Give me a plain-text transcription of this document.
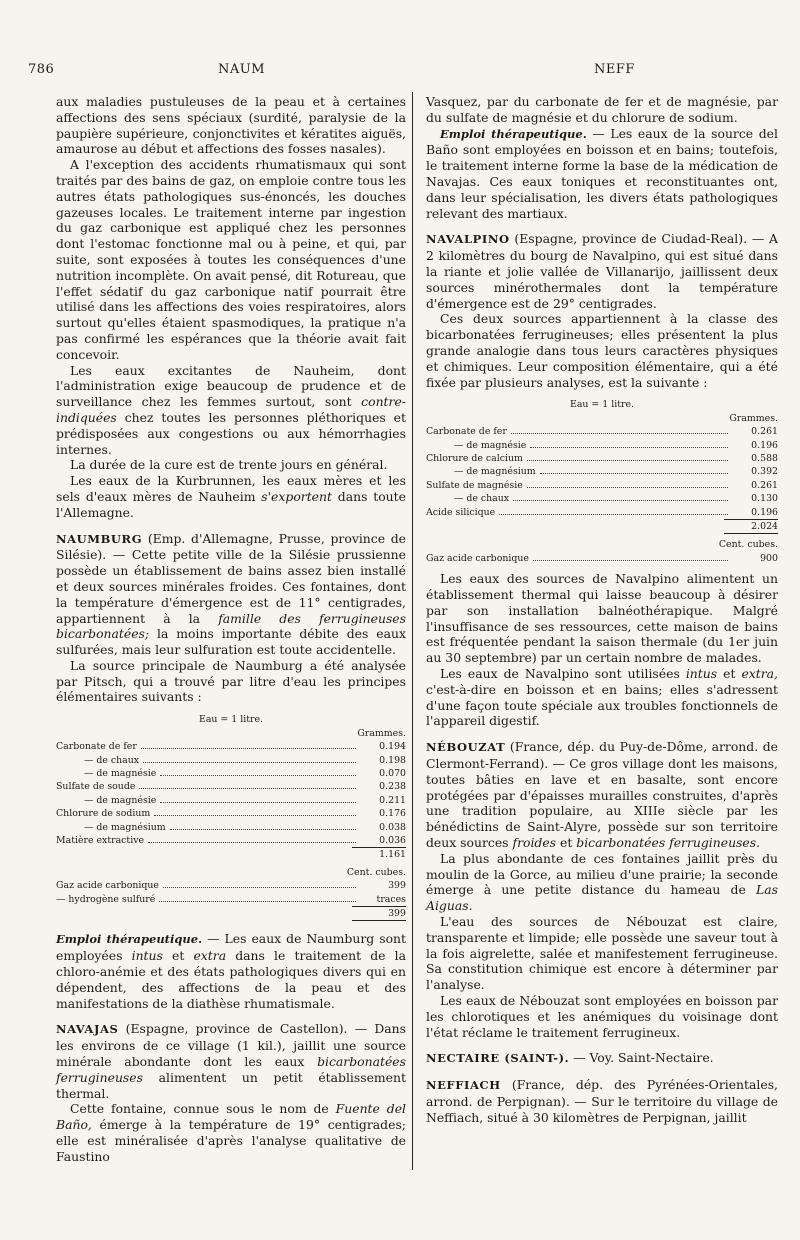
786	NAUM	NEFF

aux maladies pustuleuses de la peau et à certaines affections des sens spéciaux (surdité, paralysie de la paupière supérieure, conjonctivites et kératites aiguës, amaurose au début et affections des fosses nasales).

A l'exception des accidents rhumatismaux qui sont traités par des bains de gaz, on emploie contre tous les autres états pathologiques sus-énoncés, les douches gazeuses locales. Le traitement interne par ingestion du gaz carbonique est appliqué chez les personnes dont l'estomac fonctionne mal ou à peine, et qui, par suite, sont exposées à toutes les conséquences d'une nutrition incomplète. On avait pensé, dit Rotureau, que l'effet sédatif du gaz carbonique natif pourrait être utilisé dans les affections des voies respiratoires, alors surtout qu'elles étaient spasmodiques, la pratique n'a pas confirmé les espérances que la théorie avait fait concevoir.

Les eaux excitantes de Nauheim, dont l'administration exige beaucoup de prudence et de surveillance chez les femmes surtout, sont contre-indiquées chez toutes les personnes pléthoriques et prédisposées aux congestions ou aux hémorrhagies internes.

La durée de la cure est de trente jours en général.

Les eaux de la Kurbrunnen, les eaux mères et les sels d'eaux mères de Nauheim s'exportent dans toute l'Allemagne.

NAUMBURG (Emp. d'Allemagne, Prusse, province de Silésie). — Cette petite ville de la Silésie prussienne possède un établissement de bains assez bien installé et deux sources minérales froides. Ces fontaines, dont la température d'émergence est de 11° centigrades, appartiennent à la famille des ferrugineuses bicarbonatées; la moins importante débite des eaux sulfurées, mais leur sulfuration est toute accidentelle.

La source principale de Naumburg a été analysée par Pitsch, qui a trouvé par litre d'eau les principes élémentaires suivants :

Eau = 1 litre.
Grammes.
Carbonate de fer	0.194
— de chaux	0.198
— de magnésie	0.070
Sulfate de soude	0.238
— de magnésie	0.211
Chlorure de sodium	0.176
— de magnésium	0.038
Matière extractive	0.036
1.161
Cent. cubes.
Gaz acide carbonique	399
— hydrogène sulfuré	traces
399

Emploi thérapeutique. — Les eaux de Naumburg sont employées intus et extra dans le traitement de la chloro-anémie et des états pathologiques divers qui en dépendent, des affections de la peau et des manifestations de la diathèse rhumatismale.

NAVAJAS (Espagne, province de Castellon). — Dans les environs de ce village (1 kil.), jaillit une source minérale abondante dont les eaux bicarbonatées ferrugineuses alimentent un petit établissement thermal.

Cette fontaine, connue sous le nom de Fuente del Baño, émerge à la température de 19° centigrades; elle est minéralisée d'après l'analyse qualitative de Faustino

Vasquez, par du carbonate de fer et de magnésie, par du sulfate de magnésie et du chlorure de sodium.

Emploi thérapeutique. — Les eaux de la source del Baño sont employées en boisson et en bains; toutefois, le traitement interne forme la base de la médication de Navajas. Ces eaux toniques et reconstituantes ont, dans leur spécialisation, les divers états pathologiques relevant des martiaux.

NAVALPINO (Espagne, province de Ciudad-Real). — A 2 kilomètres du bourg de Navalpino, qui est situé dans la riante et jolie vallée de Villanarijo, jaillissent deux sources minérothermales dont la température d'émergence est de 29° centigrades.

Ces deux sources appartiennent à la classe des bicarbonatées ferrugineuses; elles présentent la plus grande analogie dans tous leurs caractères physiques et chimiques. Leur composition élémentaire, qui a été fixée par plusieurs analyses, est la suivante :

Eau = 1 litre.
Grammes.
Carbonate de fer	0.261
— de magnésie	0.196
Chlorure de calcium	0.588
— de magnésium	0.392
Sulfate de magnésie	0.261
— de chaux	0.130
Acide silicique	0.196
2.024
Cent. cubes.
Gaz acide carbonique	900

Les eaux des sources de Navalpino alimentent un établissement thermal qui laisse beaucoup à désirer par son installation balnéothérapique. Malgré l'insuffisance de ses ressources, cette maison de bains est fréquentée pendant la saison thermale (du 1er juin au 30 septembre) par un certain nombre de malades.

Les eaux de Navalpino sont utilisées intus et extra, c'est-à-dire en boisson et en bains; elles s'adressent d'une façon toute spéciale aux troubles fonctionnels de l'appareil digestif.

NÉBOUZAT (France, dép. du Puy-de-Dôme, arrond. de Clermont-Ferrand). — Ce gros village dont les maisons, toutes bâties en lave et en basalte, sont encore protégées par d'épaisses murailles construites, d'après une tradition populaire, au XIIIe siècle par les bénédictins de Saint-Alyre, possède sur son territoire deux sources froides et bicarbonatées ferrugineuses.

La plus abondante de ces fontaines jaillit près du moulin de la Gorce, au milieu d'une prairie; la seconde émerge à une petite distance du hameau de Las Aiguas.

L'eau des sources de Nébouzat est claire, transparente et limpide; elle possède une saveur tout à la fois aigrelette, salée et manifestement ferrugineuse. Sa constitution chimique est encore à déterminer par l'analyse.

Les eaux de Nébouzat sont employées en boisson par les chlorotiques et les anémiques du voisinage dont l'état réclame le traitement ferrugineux.

NECTAIRE (SAINT-). — Voy. Saint-Nectaire.

NEFFIACH (France, dép. des Pyrénées-Orientales, arrond. de Perpignan). — Sur le territoire du village de Neffiach, situé à 30 kilomètres de Perpignan, jaillit
